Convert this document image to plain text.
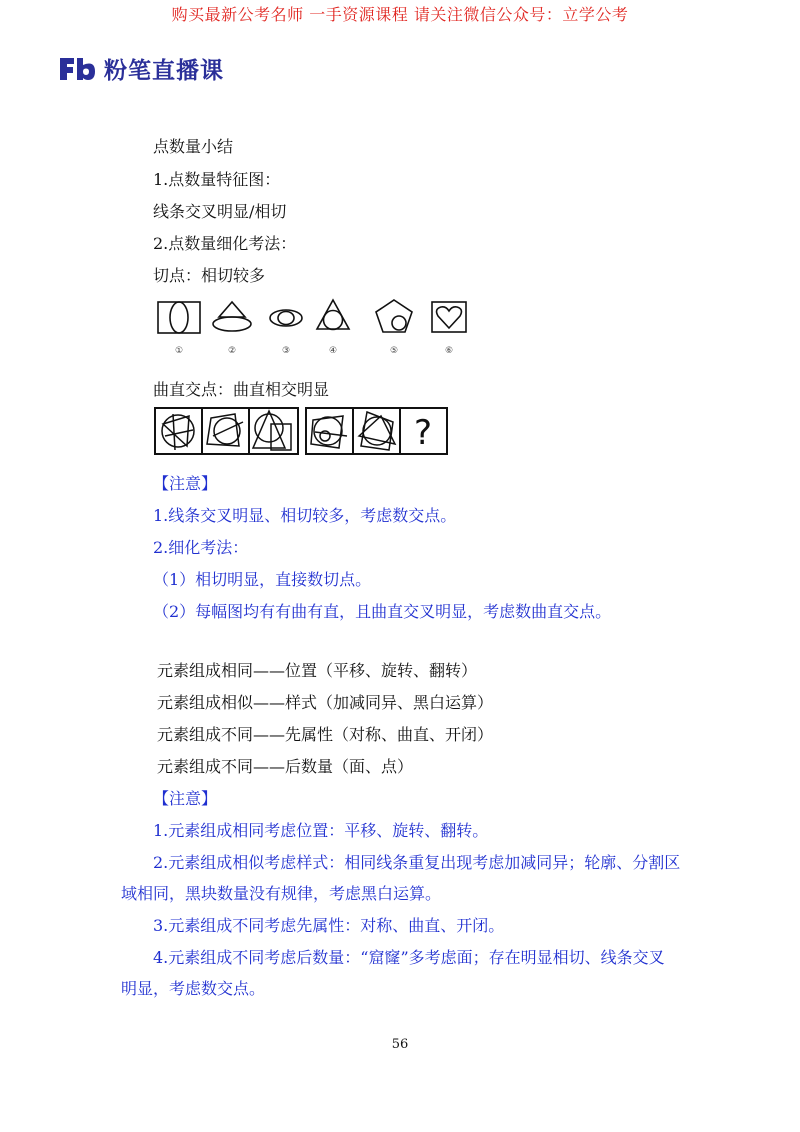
购买最新公考名师 一手资源课程 请关注微信公众号：立学公考
粉笔直播课
点数量小结
1.点数量特征图：
线条交叉明显/相切
2.点数量细化考法：
切点：相切较多
①	②	③	④	⑤	⑥
曲直交点：曲直相交明显
?
【注意】
1.线条交叉明显、相切较多，考虑数交点。
2.细化考法：
（1）相切明显，直接数切点。
（2）每幅图均有有曲有直，且曲直交叉明显，考虑数曲直交点。
元素组成相同——位置（平移、旋转、翻转）
元素组成相似——样式（加减同异、黑白运算）
元素组成不同——先属性（对称、曲直、开闭）
元素组成不同——后数量（面、点）
【注意】
1.元素组成相同考虑位置：平移、旋转、翻转。
2.元素组成相似考虑样式：相同线条重复出现考虑加减同异；轮廓、分割区
域相同，黑块数量没有规律，考虑黑白运算。
3.元素组成不同考虑先属性：对称、曲直、开闭。
4.元素组成不同考虑后数量：“窟窿”多考虑面；存在明显相切、线条交叉
明显，考虑数交点。
56
